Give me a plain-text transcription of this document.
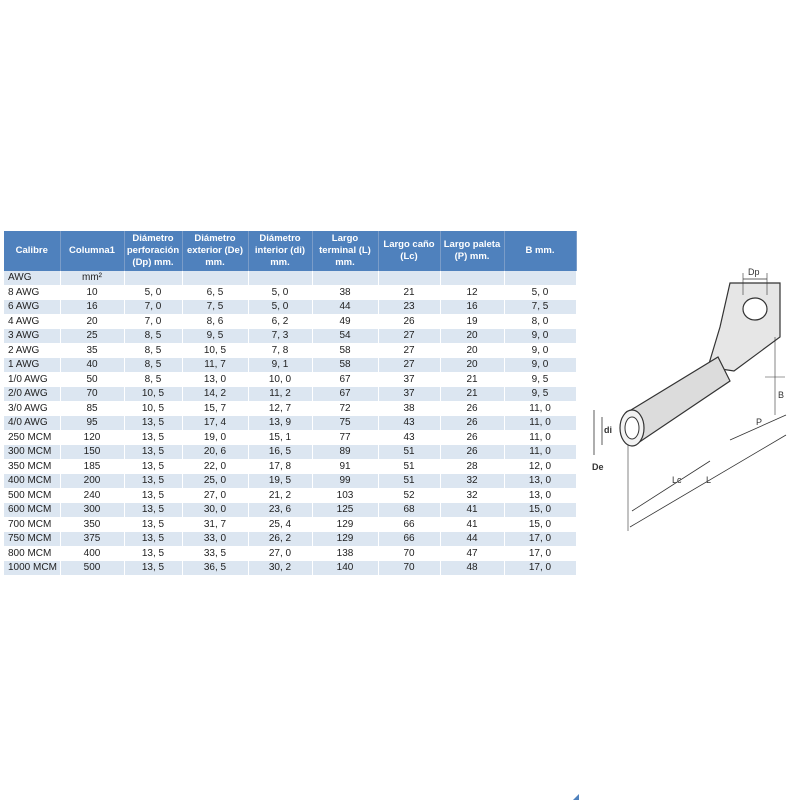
Calibre	Columna1	Diámetro perforación (Dp) mm.	Diámetro exterior (De) mm.	Diámetro interior (di) mm.	Largo terminal (L) mm.	Largo caño (Lc)	Largo paleta (P) mm.	B mm.
AWG	mm²							
8 AWG	10	5, 0	6, 5	5, 0	38	21	12	5, 0
6 AWG	16	7, 0	7, 5	5, 0	44	23	16	7, 5
4 AWG	20	7, 0	8, 6	6, 2	49	26	19	8, 0
3 AWG	25	8, 5	9, 5	7, 3	54	27	20	9, 0
2 AWG	35	8, 5	10, 5	7, 8	58	27	20	9, 0
1 AWG	40	8, 5	11, 7	9, 1	58	27	20	9, 0
1/0 AWG	50	8, 5	13, 0	10, 0	67	37	21	9, 5
2/0 AWG	70	10, 5	14, 2	11, 2	67	37	21	9, 5
3/0 AWG	85	10, 5	15, 7	12, 7	72	38	26	11, 0
4/0 AWG	95	13, 5	17, 4	13, 9	75	43	26	11, 0
250 MCM	120	13, 5	19, 0	15, 1	77	43	26	11, 0
300 MCM	150	13, 5	20, 6	16, 5	89	51	26	11, 0
350 MCM	185	13, 5	22, 0	17, 8	91	51	28	12, 0
400 MCM	200	13, 5	25, 0	19, 5	99	51	32	13, 0
500 MCM	240	13, 5	27, 0	21, 2	103	52	32	13, 0
600 MCM	300	13, 5	30, 0	23, 6	125	68	41	15, 0
700 MCM	350	13, 5	31, 7	25, 4	129	66	41	15, 0
750 MCM	375	13, 5	33, 0	26, 2	129	66	44	17, 0
800 MCM	400	13, 5	33, 5	27, 0	138	70	47	17, 0
1000 MCM	500	13, 5	36, 5	30, 2	140	70	48	17, 0
Dp
B
P
di
De
Lc	L
